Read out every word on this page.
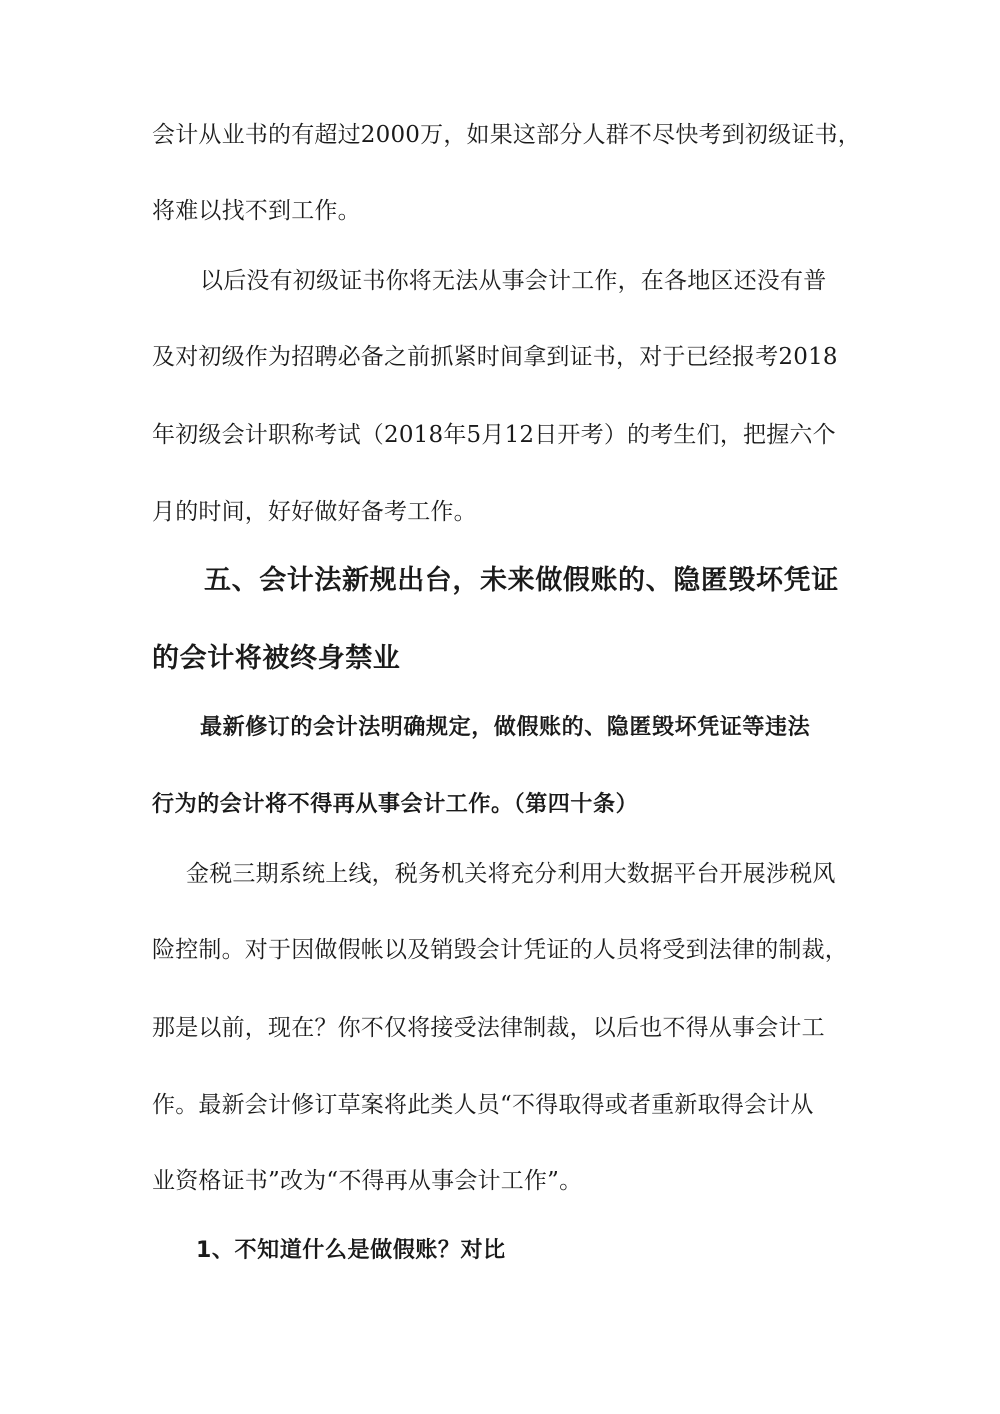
会计从业书的有超过2000万，如果这部分人群不尽快考到初级证书，
将难以找不到工作。
以后没有初级证书你将无法从事会计工作，在各地区还没有普
及对初级作为招聘必备之前抓紧时间拿到证书，对于已经报考2018
年初级会计职称考试（2018年5月12日开考）的考生们，把握六个
月的时间，好好做好备考工作。
五、会计法新规出台，未来做假账的、隐匿毁坏凭证
的会计将被终身禁业
最新修订的会计法明确规定，做假账的、隐匿毁坏凭证等违法
行为的会计将不得再从事会计工作。（第四十条）
金税三期系统上线，税务机关将充分利用大数据平台开展涉税风
险控制。对于因做假帐以及销毁会计凭证的人员将受到法律的制裁，
那是以前，现在？你不仅将接受法律制裁，以后也不得从事会计工
作。最新会计修订草案将此类人员“不得取得或者重新取得会计从
业资格证书”改为“不得再从事会计工作”。
1、不知道什么是做假账？对比
